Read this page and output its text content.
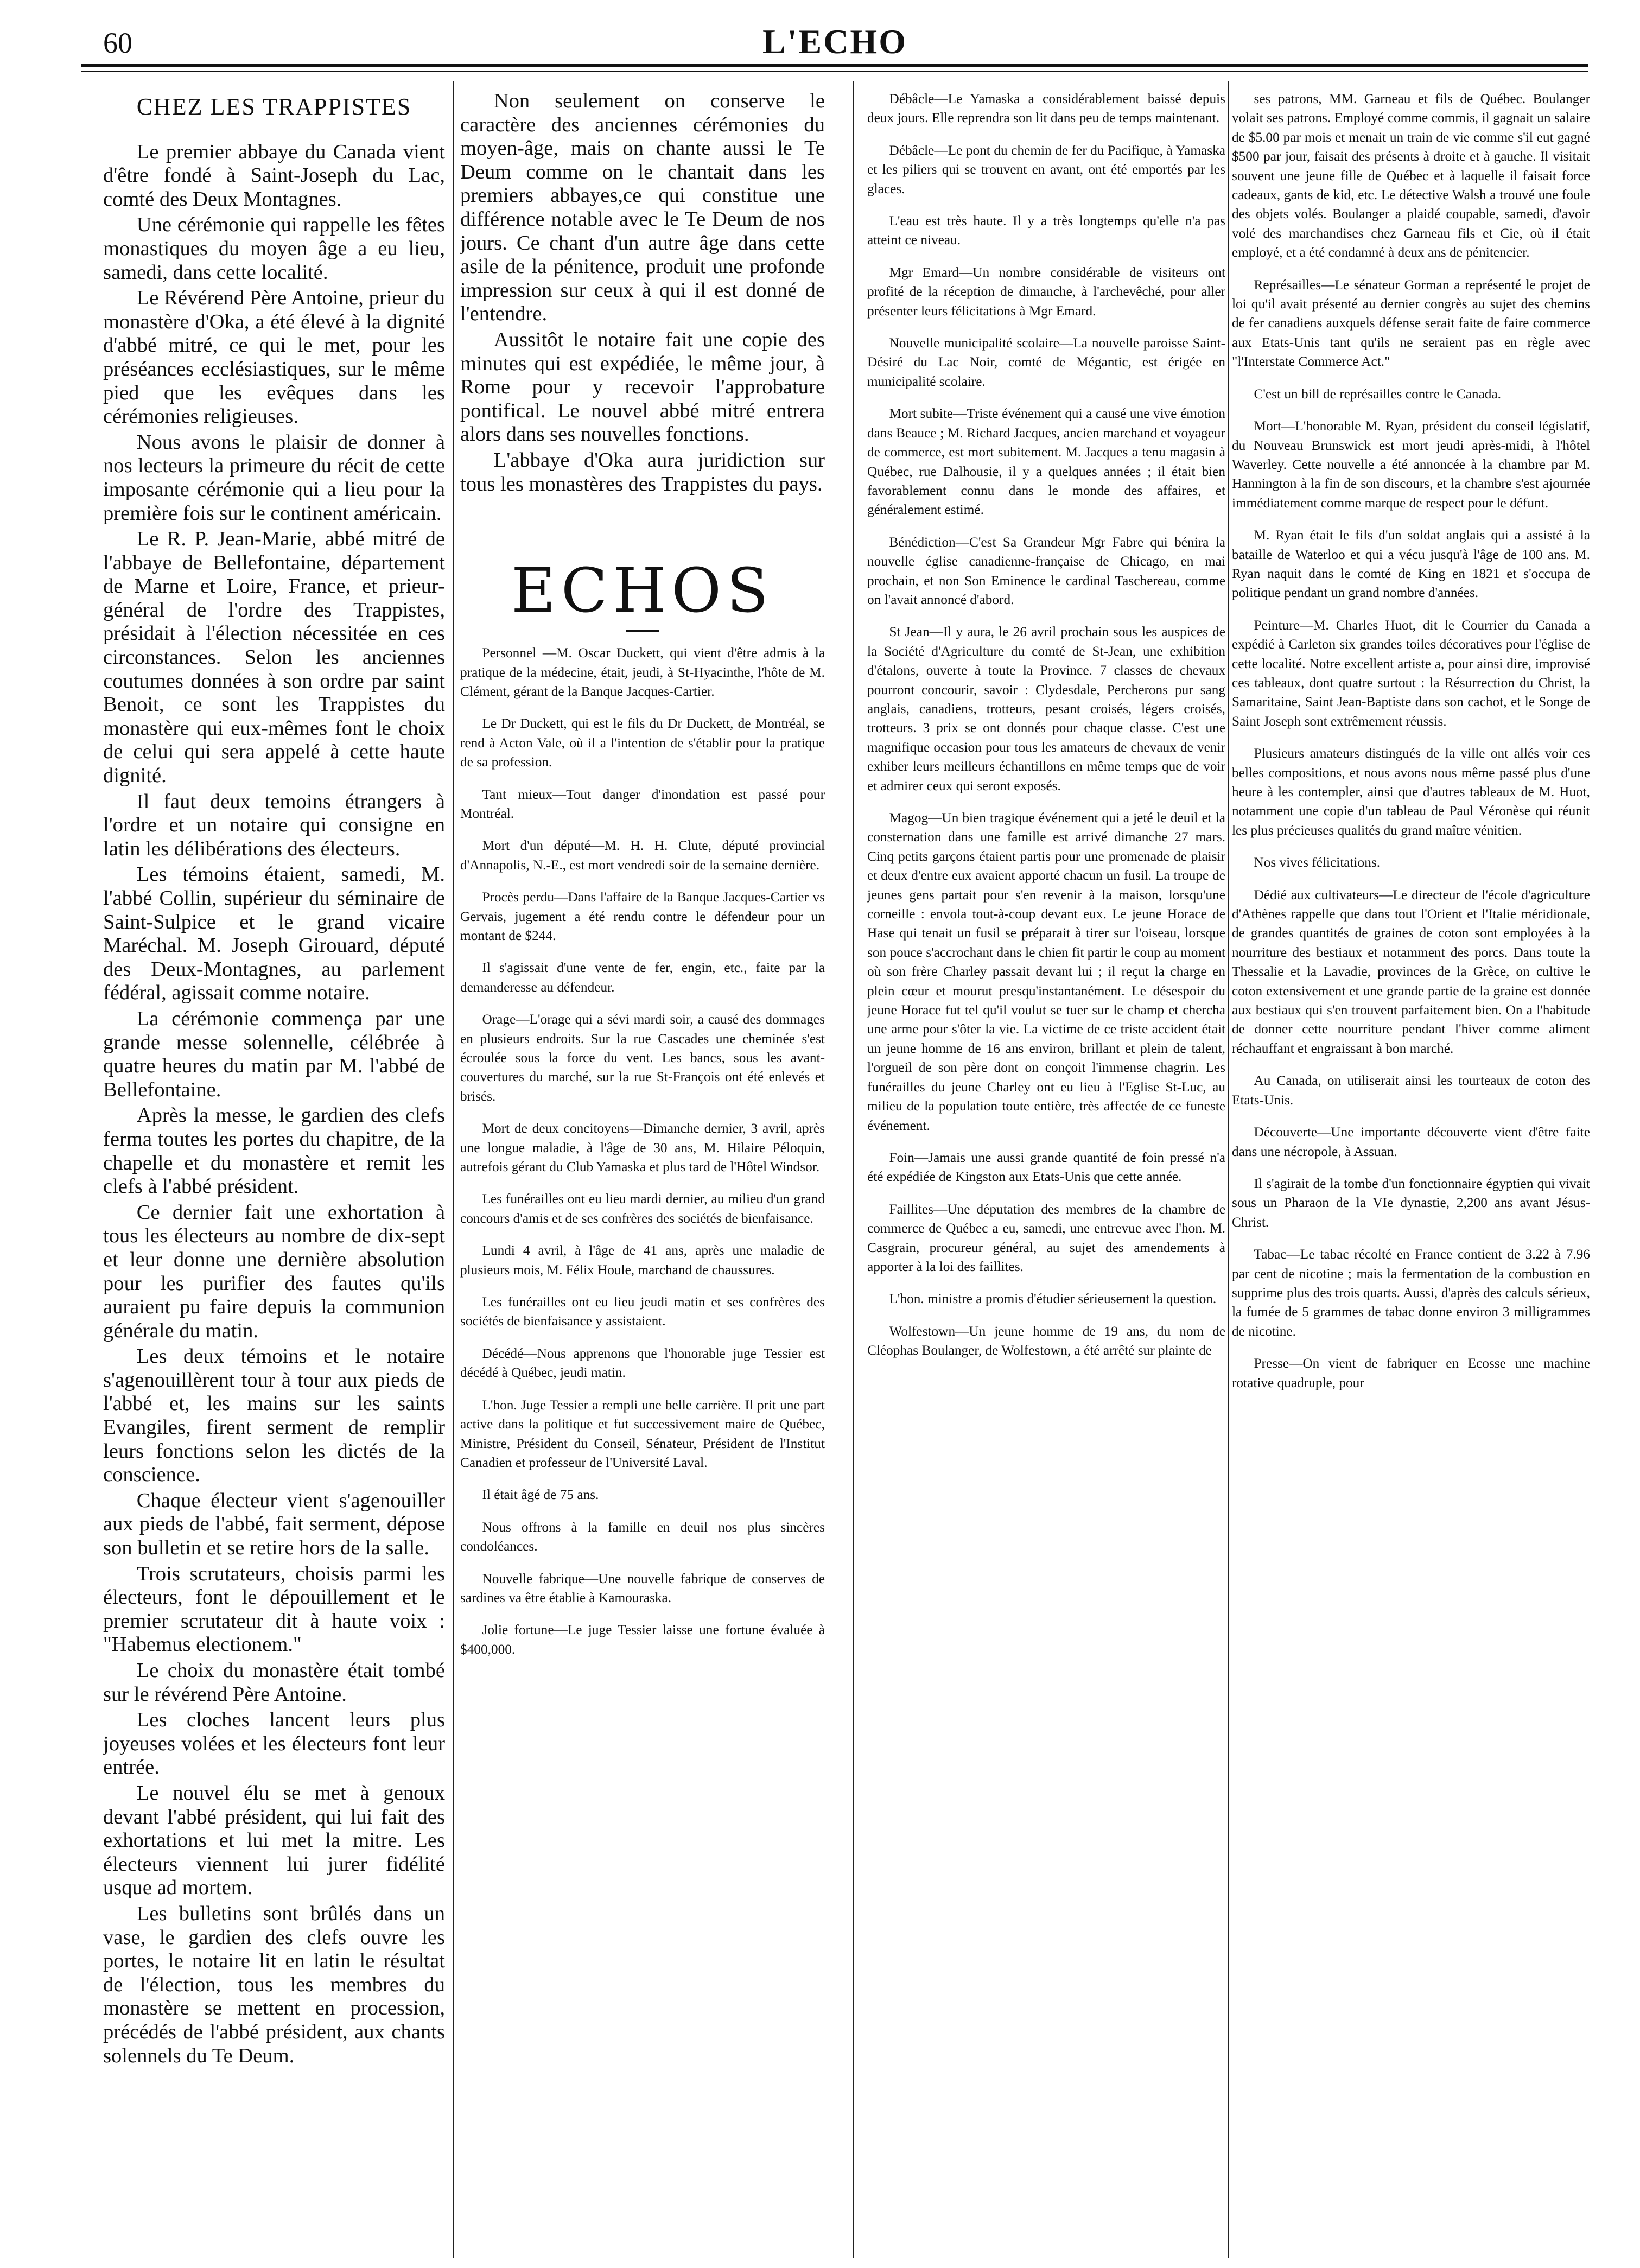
60	L'ECHO
CHEZ LES TRAPPISTES

Le premier abbaye du Canada vient d'être fondé à Saint-Joseph du Lac, comté des Deux Montagnes.

Une cérémonie qui rappelle les fêtes monastiques du moyen âge a eu lieu, samedi, dans cette localité.

Le Révérend Père Antoine, prieur du monastère d'Oka, a été élevé à la dignité d'abbé mitré, ce qui le met, pour les préséances ecclésiastiques, sur le même pied que les evêques dans les cérémonies religieuses.

Nous avons le plaisir de donner à nos lecteurs la primeure du récit de cette imposante cérémonie qui a lieu pour la première fois sur le continent américain.

Le R. P. Jean-Marie, abbé mitré de l'abbaye de Bellefontaine, département de Marne et Loire, France, et prieur-général de l'ordre des Trappistes, présidait à l'élection nécessitée en ces circonstances. Selon les anciennes coutumes données à son ordre par saint Benoit, ce sont les Trappistes du monastère qui eux-mêmes font le choix de celui qui sera appelé à cette haute dignité.

Il faut deux temoins étrangers à l'ordre et un notaire qui consigne en latin les délibérations des électeurs.

Les témoins étaient, samedi, M. l'abbé Collin, supérieur du séminaire de Saint-Sulpice et le grand vicaire Maréchal. M. Joseph Girouard, député des Deux-Montagnes, au parlement fédéral, agissait comme notaire.

La cérémonie commença par une grande messe solennelle, célébrée à quatre heures du matin par M. l'abbé de Bellefontaine.

Après la messe, le gardien des clefs ferma toutes les portes du chapitre, de la chapelle et du monastère et remit les clefs à l'abbé président.

Ce dernier fait une exhortation à tous les électeurs au nombre de dix-sept et leur donne une dernière absolution pour les purifier des fautes qu'ils auraient pu faire depuis la communion générale du matin.

Les deux témoins et le notaire s'agenouillèrent tour à tour aux pieds de l'abbé et, les mains sur les saints Evangiles, firent serment de remplir leurs fonctions selon les dictés de la conscience.

Chaque électeur vient s'agenouiller aux pieds de l'abbé, fait serment, dépose son bulletin et se retire hors de la salle.

Trois scrutateurs, choisis parmi les électeurs, font le dépouillement et le premier scrutateur dit à haute voix : "Habemus electionem."

Le choix du monastère était tombé sur le révérend Père Antoine.

Les cloches lancent leurs plus joyeuses volées et les électeurs font leur entrée.

Le nouvel élu se met à genoux devant l'abbé président, qui lui fait des exhortations et lui met la mitre. Les électeurs viennent lui jurer fidélité usque ad mortem.

Les bulletins sont brûlés dans un vase, le gardien des clefs ouvre les portes, le notaire lit en latin le résultat de l'élection, tous les membres du monastère se mettent en procession, précédés de l'abbé président, aux chants solennels du Te Deum.

Non seulement on conserve le caractère des anciennes cérémonies du moyen-âge, mais on chante aussi le Te Deum comme on le chantait dans les premiers abbayes,ce qui constitue une différence notable avec le Te Deum de nos jours. Ce chant d'un autre âge dans cette asile de la pénitence, produit une profonde impression sur ceux à qui il est donné de l'entendre.

Aussitôt le notaire fait une copie des minutes qui est expédiée, le même jour, à Rome pour y recevoir l'approbature pontifical. Le nouvel abbé mitré entrera alors dans ses nouvelles fonctions.

L'abbaye d'Oka aura juridiction sur tous les monastères des Trappistes du pays.

ECHOS

Personnel —M. Oscar Duckett, qui vient d'être admis à la pratique de la médecine, était, jeudi, à St-Hyacinthe, l'hôte de M. Clément, gérant de la Banque Jacques-Cartier.

Le Dr Duckett, qui est le fils du Dr Duckett, de Montréal, se rend à Acton Vale, où il a l'intention de s'établir pour la pratique de sa profession.

Tant mieux—Tout danger d'inondation est passé pour Montréal.

Mort d'un député—M. H. H. Clute, député provincial d'Annapolis, N.-E., est mort vendredi soir de la semaine dernière.

Procès perdu—Dans l'affaire de la Banque Jacques-Cartier vs Gervais, jugement a été rendu contre le défendeur pour un montant de $244.

Il s'agissait d'une vente de fer, engin, etc., faite par la demanderesse au défendeur.

Orage—L'orage qui a sévi mardi soir, a causé des dommages en plusieurs endroits. Sur la rue Cascades une cheminée s'est écroulée sous la force du vent. Les bancs, sous les avant-couvertures du marché, sur la rue St-François ont été enlevés et brisés.

Mort de deux concitoyens—Dimanche dernier, 3 avril, après une longue maladie, à l'âge de 30 ans, M. Hilaire Péloquin, autrefois gérant du Club Yamaska et plus tard de l'Hôtel Windsor.

Les funérailles ont eu lieu mardi dernier, au milieu d'un grand concours d'amis et de ses confrères des sociétés de bienfaisance.

Lundi 4 avril, à l'âge de 41 ans, après une maladie de plusieurs mois, M. Félix Houle, marchand de chaussures.

Les funérailles ont eu lieu jeudi matin et ses confrères des sociétés de bienfaisance y assistaient.

Décédé—Nous apprenons que l'honorable juge Tessier est décédé à Québec, jeudi matin.

L'hon. Juge Tessier a rempli une belle carrière. Il prit une part active dans la politique et fut successivement maire de Québec, Ministre, Président du Conseil, Sénateur, Président de l'Institut Canadien et professeur de l'Université Laval.

Il était âgé de 75 ans.

Nous offrons à la famille en deuil nos plus sincères condoléances.

Nouvelle fabrique—Une nouvelle fabrique de conserves de sardines va être établie à Kamouraska.

Jolie fortune—Le juge Tessier laisse une fortune évaluée à $400,000.

Débâcle—Le Yamaska a considérablement baissé depuis deux jours. Elle reprendra son lit dans peu de temps maintenant.

Débâcle—Le pont du chemin de fer du Pacifique, à Yamaska et les piliers qui se trouvent en avant, ont été emportés par les glaces.

L'eau est très haute. Il y a très longtemps qu'elle n'a pas atteint ce niveau.

Mgr Emard—Un nombre considérable de visiteurs ont profité de la réception de dimanche, à l'archevêché, pour aller présenter leurs félicitations à Mgr Emard.

Nouvelle municipalité scolaire—La nouvelle paroisse Saint-Désiré du Lac Noir, comté de Mégantic, est érigée en municipalité scolaire.

Mort subite—Triste événement qui a causé une vive émotion dans Beauce ; M. Richard Jacques, ancien marchand et voyageur de commerce, est mort subitement. M. Jacques a tenu magasin à Québec, rue Dalhousie, il y a quelques années ; il était bien favorablement connu dans le monde des affaires, et généralement estimé.

Bénédiction—C'est Sa Grandeur Mgr Fabre qui bénira la nouvelle église canadienne-française de Chicago, en mai prochain, et non Son Eminence le cardinal Taschereau, comme on l'avait annoncé d'abord.

St Jean—Il y aura, le 26 avril prochain sous les auspices de la Société d'Agriculture du comté de St-Jean, une exhibition d'étalons, ouverte à toute la Province. 7 classes de chevaux pourront concourir, savoir : Clydesdale, Percherons pur sang anglais, canadiens, trotteurs, pesant croisés, légers croisés, trotteurs. 3 prix se ont donnés pour chaque classe. C'est une magnifique occasion pour tous les amateurs de chevaux de venir exhiber leurs meilleurs échantillons en même temps que de voir et admirer ceux qui seront exposés.

Magog—Un bien tragique événement qui a jeté le deuil et la consternation dans une famille est arrivé dimanche 27 mars. Cinq petits garçons étaient partis pour une promenade de plaisir et deux d'entre eux avaient apporté chacun un fusil. La troupe de jeunes gens partait pour s'en revenir à la maison, lorsqu'une corneille : envola tout-à-coup devant eux. Le jeune Horace de Hase qui tenait un fusil se préparait à tirer sur l'oiseau, lorsque son pouce s'accrochant dans le chien fit partir le coup au moment où son frère Charley passait devant lui ; il reçut la charge en plein cœur et mourut presqu'instantanément. Le désespoir du jeune Horace fut tel qu'il voulut se tuer sur le champ et chercha une arme pour s'ôter la vie. La victime de ce triste accident était un jeune homme de 16 ans environ, brillant et plein de talent, l'orgueil de son père dont on conçoit l'immense chagrin. Les funérailles du jeune Charley ont eu lieu à l'Eglise St-Luc, au milieu de la population toute entière, très affectée de ce funeste événement.

Foin—Jamais une aussi grande quantité de foin pressé n'a été expédiée de Kingston aux Etats-Unis que cette année.

Faillites—Une députation des membres de la chambre de commerce de Québec a eu, samedi, une entrevue avec l'hon. M. Casgrain, procureur général, au sujet des amendements à apporter à la loi des faillites.

L'hon. ministre a promis d'étudier sérieusement la question.

Wolfestown—Un jeune homme de 19 ans, du nom de Cléophas Boulanger, de Wolfestown, a été arrêté sur plainte de

ses patrons, MM. Garneau et fils de Québec. Boulanger volait ses patrons. Employé comme commis, il gagnait un salaire de $5.00 par mois et menait un train de vie comme s'il eut gagné $500 par jour, faisait des présents à droite et à gauche. Il visitait souvent une jeune fille de Québec et à laquelle il faisait force cadeaux, gants de kid, etc. Le détective Walsh a trouvé une foule des objets volés. Boulanger a plaidé coupable, samedi, d'avoir volé des marchandises chez Garneau fils et Cie, où il était employé, et a été condamné à deux ans de pénitencier.

Représailles—Le sénateur Gorman a représenté le projet de loi qu'il avait présenté au dernier congrès au sujet des chemins de fer canadiens auxquels défense serait faite de faire commerce aux Etats-Unis tant qu'ils ne seraient pas en règle avec "l'Interstate Commerce Act."

C'est un bill de représailles contre le Canada.

Mort—L'honorable M. Ryan, président du conseil législatif, du Nouveau Brunswick est mort jeudi après-midi, à l'hôtel Waverley. Cette nouvelle a été annoncée à la chambre par M. Hannington à la fin de son discours, et la chambre s'est ajournée immédiatement comme marque de respect pour le défunt.

M. Ryan était le fils d'un soldat anglais qui a assisté à la bataille de Waterloo et qui a vécu jusqu'à l'âge de 100 ans. M. Ryan naquit dans le comté de King en 1821 et s'occupa de politique pendant un grand nombre d'années.

Peinture—M. Charles Huot, dit le Courrier du Canada a expédié à Carleton six grandes toiles décoratives pour l'église de cette localité. Notre excellent artiste a, pour ainsi dire, improvisé ces tableaux, dont quatre surtout : la Résurrection du Christ, la Samaritaine, Saint Jean-Baptiste dans son cachot, et le Songe de Saint Joseph sont extrêmement réussis.

Plusieurs amateurs distingués de la ville ont allés voir ces belles compositions, et nous avons nous même passé plus d'une heure à les contempler, ainsi que d'autres tableaux de M. Huot, notamment une copie d'un tableau de Paul Véronèse qui réunit les plus précieuses qualités du grand maître vénitien.

Nos vives félicitations.

Dédié aux cultivateurs—Le directeur de l'école d'agriculture d'Athènes rappelle que dans tout l'Orient et l'Italie méridionale, de grandes quantités de graines de coton sont employées à la nourriture des bestiaux et notamment des porcs. Dans toute la Thessalie et la Lavadie, provinces de la Grèce, on cultive le coton extensivement et une grande partie de la graine est donnée aux bestiaux qui s'en trouvent parfaitement bien. On a l'habitude de donner cette nourriture pendant l'hiver comme aliment réchauffant et engraissant à bon marché.

Au Canada, on utiliserait ainsi les tourteaux de coton des Etats-Unis.

Découverte—Une importante découverte vient d'être faite dans une nécropole, à Assuan.

Il s'agirait de la tombe d'un fonctionnaire égyptien qui vivait sous un Pharaon de la VIe dynastie, 2,200 ans avant Jésus-Christ.

Tabac—Le tabac récolté en France contient de 3.22 à 7.96 par cent de nicotine ; mais la fermentation de la combustion en supprime plus des trois quarts. Aussi, d'après des calculs sérieux, la fumée de 5 grammes de tabac donne environ 3 milligrammes de nicotine.

Presse—On vient de fabriquer en Ecosse une machine rotative quadruple, pour
